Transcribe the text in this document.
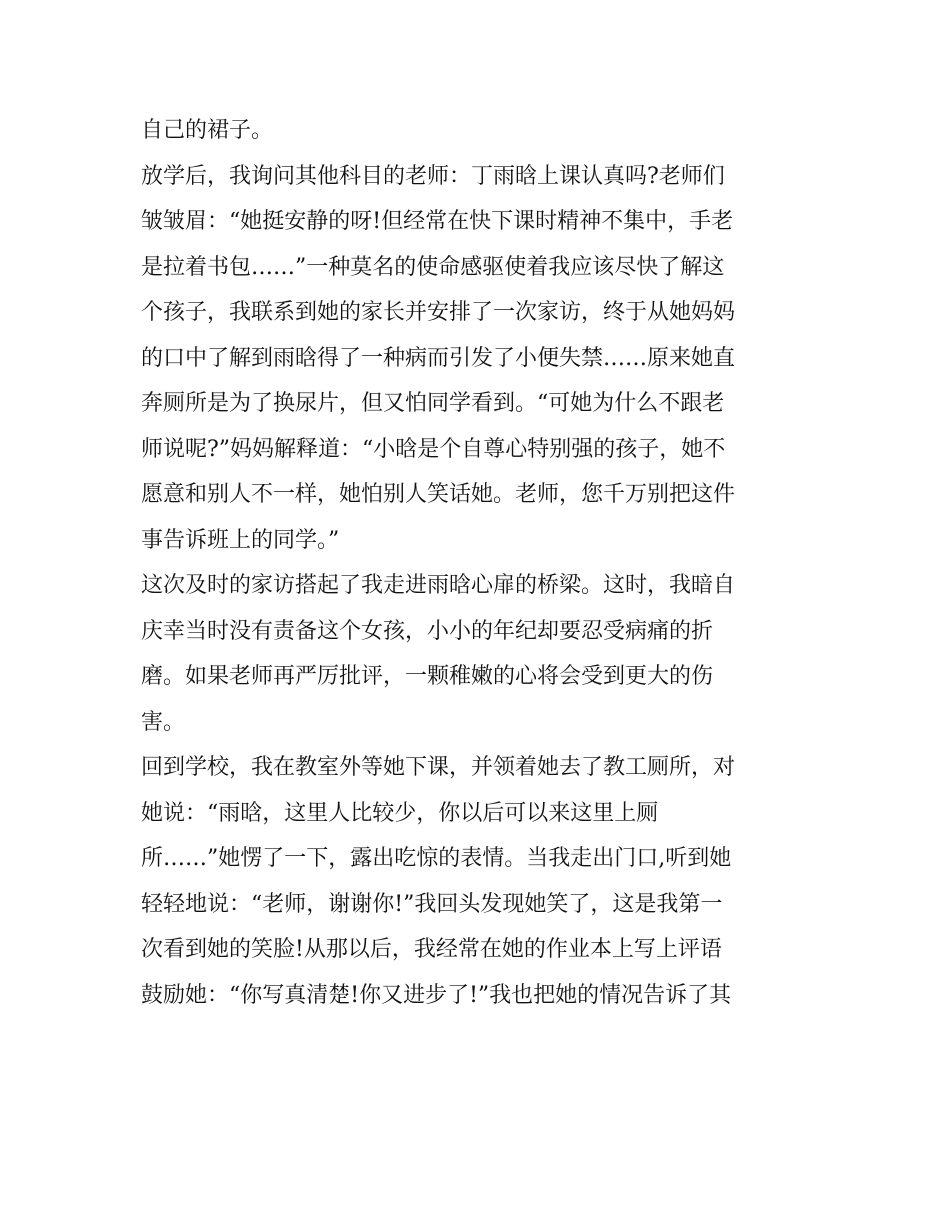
自己的裙子。
放学后，我询问其他科目的老师：丁雨晗上课认真吗?老师们
皱皱眉：“她挺安静的呀!但经常在快下课时精神不集中，手老
是拉着书包……”一种莫名的使命感驱使着我应该尽快了解这
个孩子，我联系到她的家长并安排了一次家访，终于从她妈妈
的口中了解到雨晗得了一种病而引发了小便失禁……原来她直
奔厕所是为了换尿片，但又怕同学看到。“可她为什么不跟老
师说呢?”妈妈解释道：“小晗是个自尊心特别强的孩子，她不
愿意和别人不一样，她怕别人笑话她。老师，您千万别把这件
事告诉班上的同学。”
这次及时的家访搭起了我走进雨晗心扉的桥梁。这时，我暗自
庆幸当时没有责备这个女孩，小小的年纪却要忍受病痛的折
磨。如果老师再严厉批评，一颗稚嫩的心将会受到更大的伤
害。
回到学校，我在教室外等她下课，并领着她去了教工厕所，对
她说：“雨晗，这里人比较少，你以后可以来这里上厕
所……”她愣了一下，露出吃惊的表情。当我走出门口,听到她
轻轻地说：“老师，谢谢你!”我回头发现她笑了，这是我第一
次看到她的笑脸!从那以后，我经常在她的作业本上写上评语
鼓励她：“你写真清楚!你又进步了!”我也把她的情况告诉了其
